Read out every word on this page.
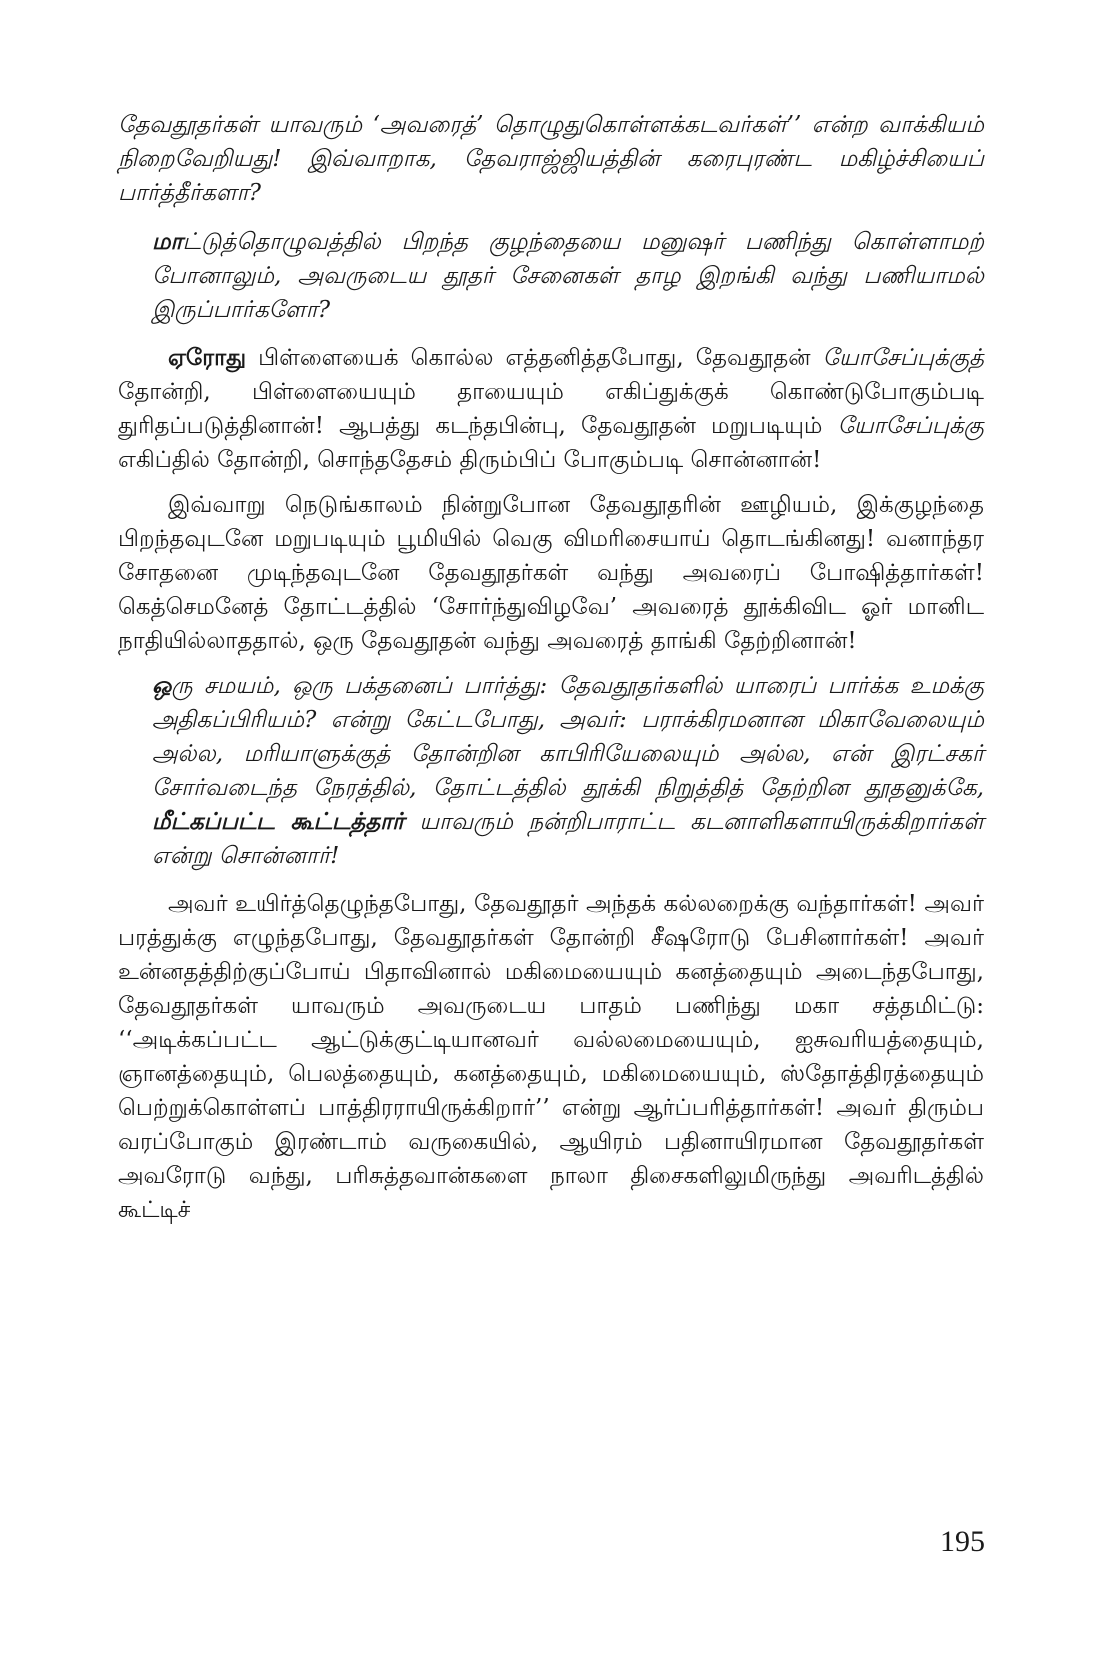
தேவதூதர்கள் யாவரும் ‘அவரைத்’ தொழுதுகொள்ளக்கடவர்கள்’’ என்ற வாக்கியம் நிறைவேறியது! இவ்வாறாக, தேவராஜ்ஜியத்தின் கரைபுரண்ட மகிழ்ச்சியைப் பார்த்தீர்களா?

மாட்டுத்தொழுவத்தில் பிறந்த குழந்தையை மனுஷர் பணிந்து கொள்ளாமற் போனாலும், அவருடைய தூதர் சேனைகள் தாழ இறங்கி வந்து பணியாமல் இருப்பார்களோ?

ஏரோது பிள்ளையைக் கொல்ல எத்தனித்தபோது, தேவதூதன் யோசேப்புக்குத் தோன்றி, பிள்ளையையும் தாயையும் எகிப்துக்குக் கொண்டுபோகும்படி துரிதப்படுத்தினான்! ஆபத்து கடந்தபின்பு, தேவதூதன் மறுபடியும் யோசேப்புக்கு எகிப்தில் தோன்றி, சொந்ததேசம் திரும்பிப் போகும்படி சொன்னான்!

இவ்வாறு நெடுங்காலம் நின்றுபோன தேவதூதரின் ஊழியம், இக்குழந்தை பிறந்தவுடனே மறுபடியும் பூமியில் வெகு விமரிசையாய் தொடங்கினது! வனாந்தர சோதனை முடிந்தவுடனே தேவதூதர்கள் வந்து அவரைப் போஷித்தார்கள்! கெத்செமனேத் தோட்டத்தில் ‘சோர்ந்துவிழவே’ அவரைத் தூக்கிவிட ஓர் மானிட நாதியில்லாததால், ஒரு தேவதூதன் வந்து அவரைத் தாங்கி தேற்றினான்!

ஒரு சமயம், ஒரு பக்தனைப் பார்த்து: தேவதூதர்களில் யாரைப் பார்க்க உமக்கு அதிகப்பிரியம்? என்று கேட்டபோது, அவர்: பராக்கிரமனான மிகாவேலையும் அல்ல, மரியாளுக்குத் தோன்றின காபிரியேலையும் அல்ல, என் இரட்சகர் சோர்வடைந்த நேரத்தில், தோட்டத்தில் தூக்கி நிறுத்தித் தேற்றின தூதனுக்கே, மீட்கப்பட்ட கூட்டத்தார் யாவரும் நன்றிபாராட்ட கடனாளிகளாயிருக்கிறார்கள் என்று சொன்னார்!

அவர் உயிர்த்தெழுந்தபோது, தேவதூதர் அந்தக் கல்லறைக்கு வந்தார்கள்! அவர் பரத்துக்கு எழுந்தபோது, தேவதூதர்கள் தோன்றி சீஷரோடு பேசினார்கள்! அவர் உன்னதத்திற்குப்போய் பிதாவினால் மகிமையையும் கனத்தையும் அடைந்தபோது, தேவதூதர்கள் யாவரும் அவருடைய பாதம் பணிந்து மகா சத்தமிட்டு: ‘‘அடிக்கப்பட்ட ஆட்டுக்குட்டியானவர் வல்லமையையும், ஐசுவரியத்தையும், ஞானத்தையும், பெலத்தையும், கனத்தையும், மகிமையையும், ஸ்தோத்திரத்தையும் பெற்றுக்கொள்ளப் பாத்திரராயிருக்கிறார்’’ என்று ஆர்ப்பரித்தார்கள்! அவர் திரும்ப வரப்போகும் இரண்டாம் வருகையில், ஆயிரம் பதினாயிரமான தேவதூதர்கள் அவரோடு வந்து, பரிசுத்தவான்களை நாலா திசைகளிலுமிருந்து அவரிடத்தில் கூட்டிச்

195
